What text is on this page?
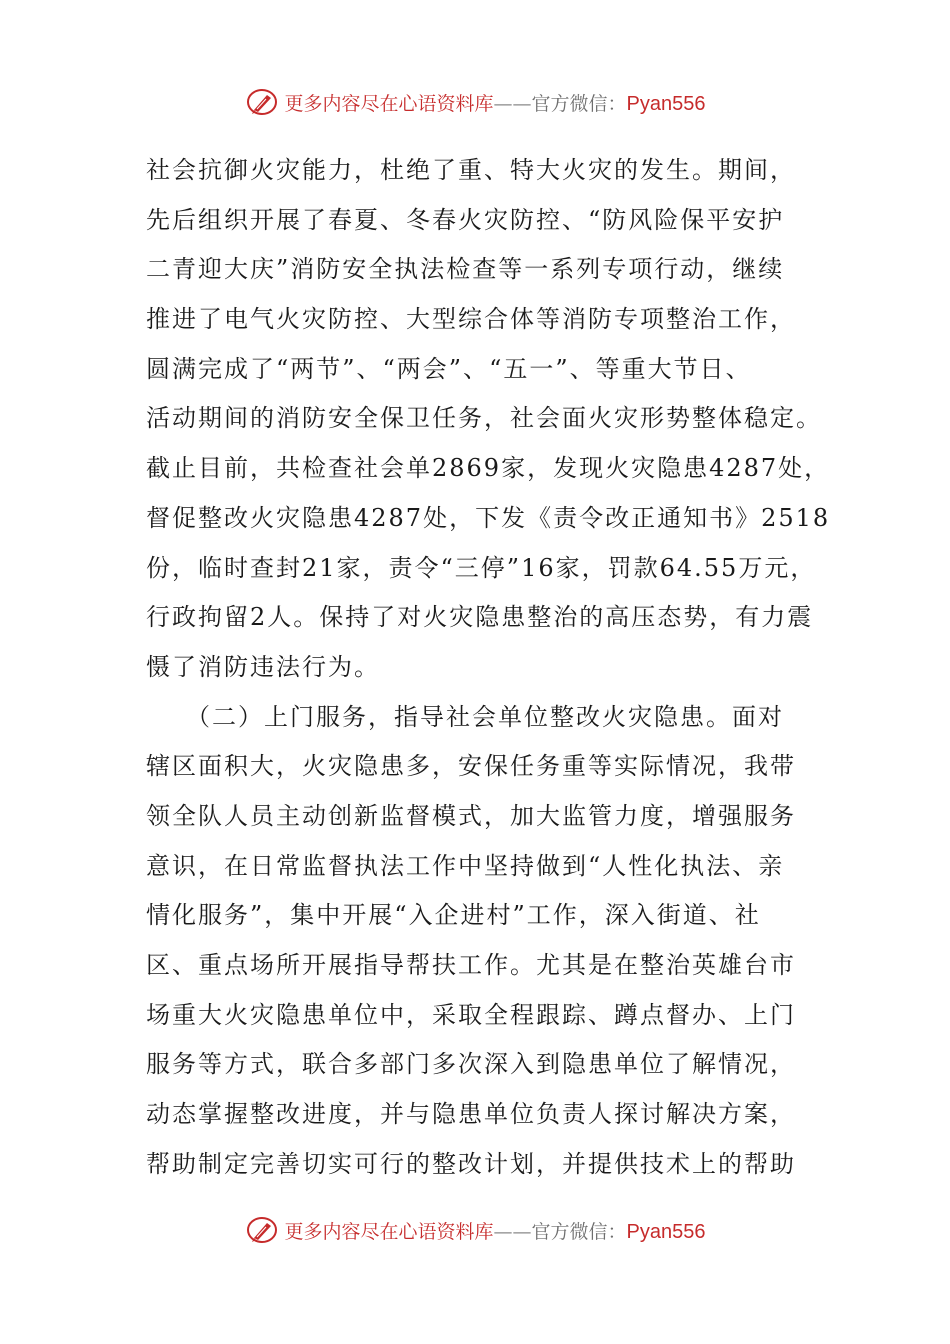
更多内容尽在心语资料库 —— 官方微信： Pyan556
社会抗御火灾能力，杜绝了重、特大火灾的发生。期间，
先后组织开展了春夏、冬春火灾防控、“防风险保平安护
二青迎大庆”消防安全执法检查等一系列专项行动，继续
推进了电气火灾防控、大型综合体等消防专项整治工作，
圆满完成了“两节”、“两会”、“五一”、等重大节日、
活动期间的消防安全保卫任务，社会面火灾形势整体稳定。
截止目前，共检查社会单2869家，发现火灾隐患4287处，
督促整改火灾隐患4287处，下发《责令改正通知书》2518
份，临时查封21家，责令“三停”16家，罚款64.55万元，
行政拘留2人。保持了对火灾隐患整治的高压态势，有力震
慑了消防违法行为。
　　（二）上门服务，指导社会单位整改火灾隐患。面对
辖区面积大，火灾隐患多，安保任务重等实际情况，我带
领全队人员主动创新监督模式，加大监管力度，增强服务
意识，在日常监督执法工作中坚持做到“人性化执法、亲
情化服务”，集中开展“入企进村”工作，深入街道、社
区、重点场所开展指导帮扶工作。尤其是在整治英雄台市
场重大火灾隐患单位中，采取全程跟踪、蹲点督办、上门
服务等方式，联合多部门多次深入到隐患单位了解情况，
动态掌握整改进度，并与隐患单位负责人探讨解决方案，
帮助制定完善切实可行的整改计划，并提供技术上的帮助
更多内容尽在心语资料库 —— 官方微信： Pyan556
